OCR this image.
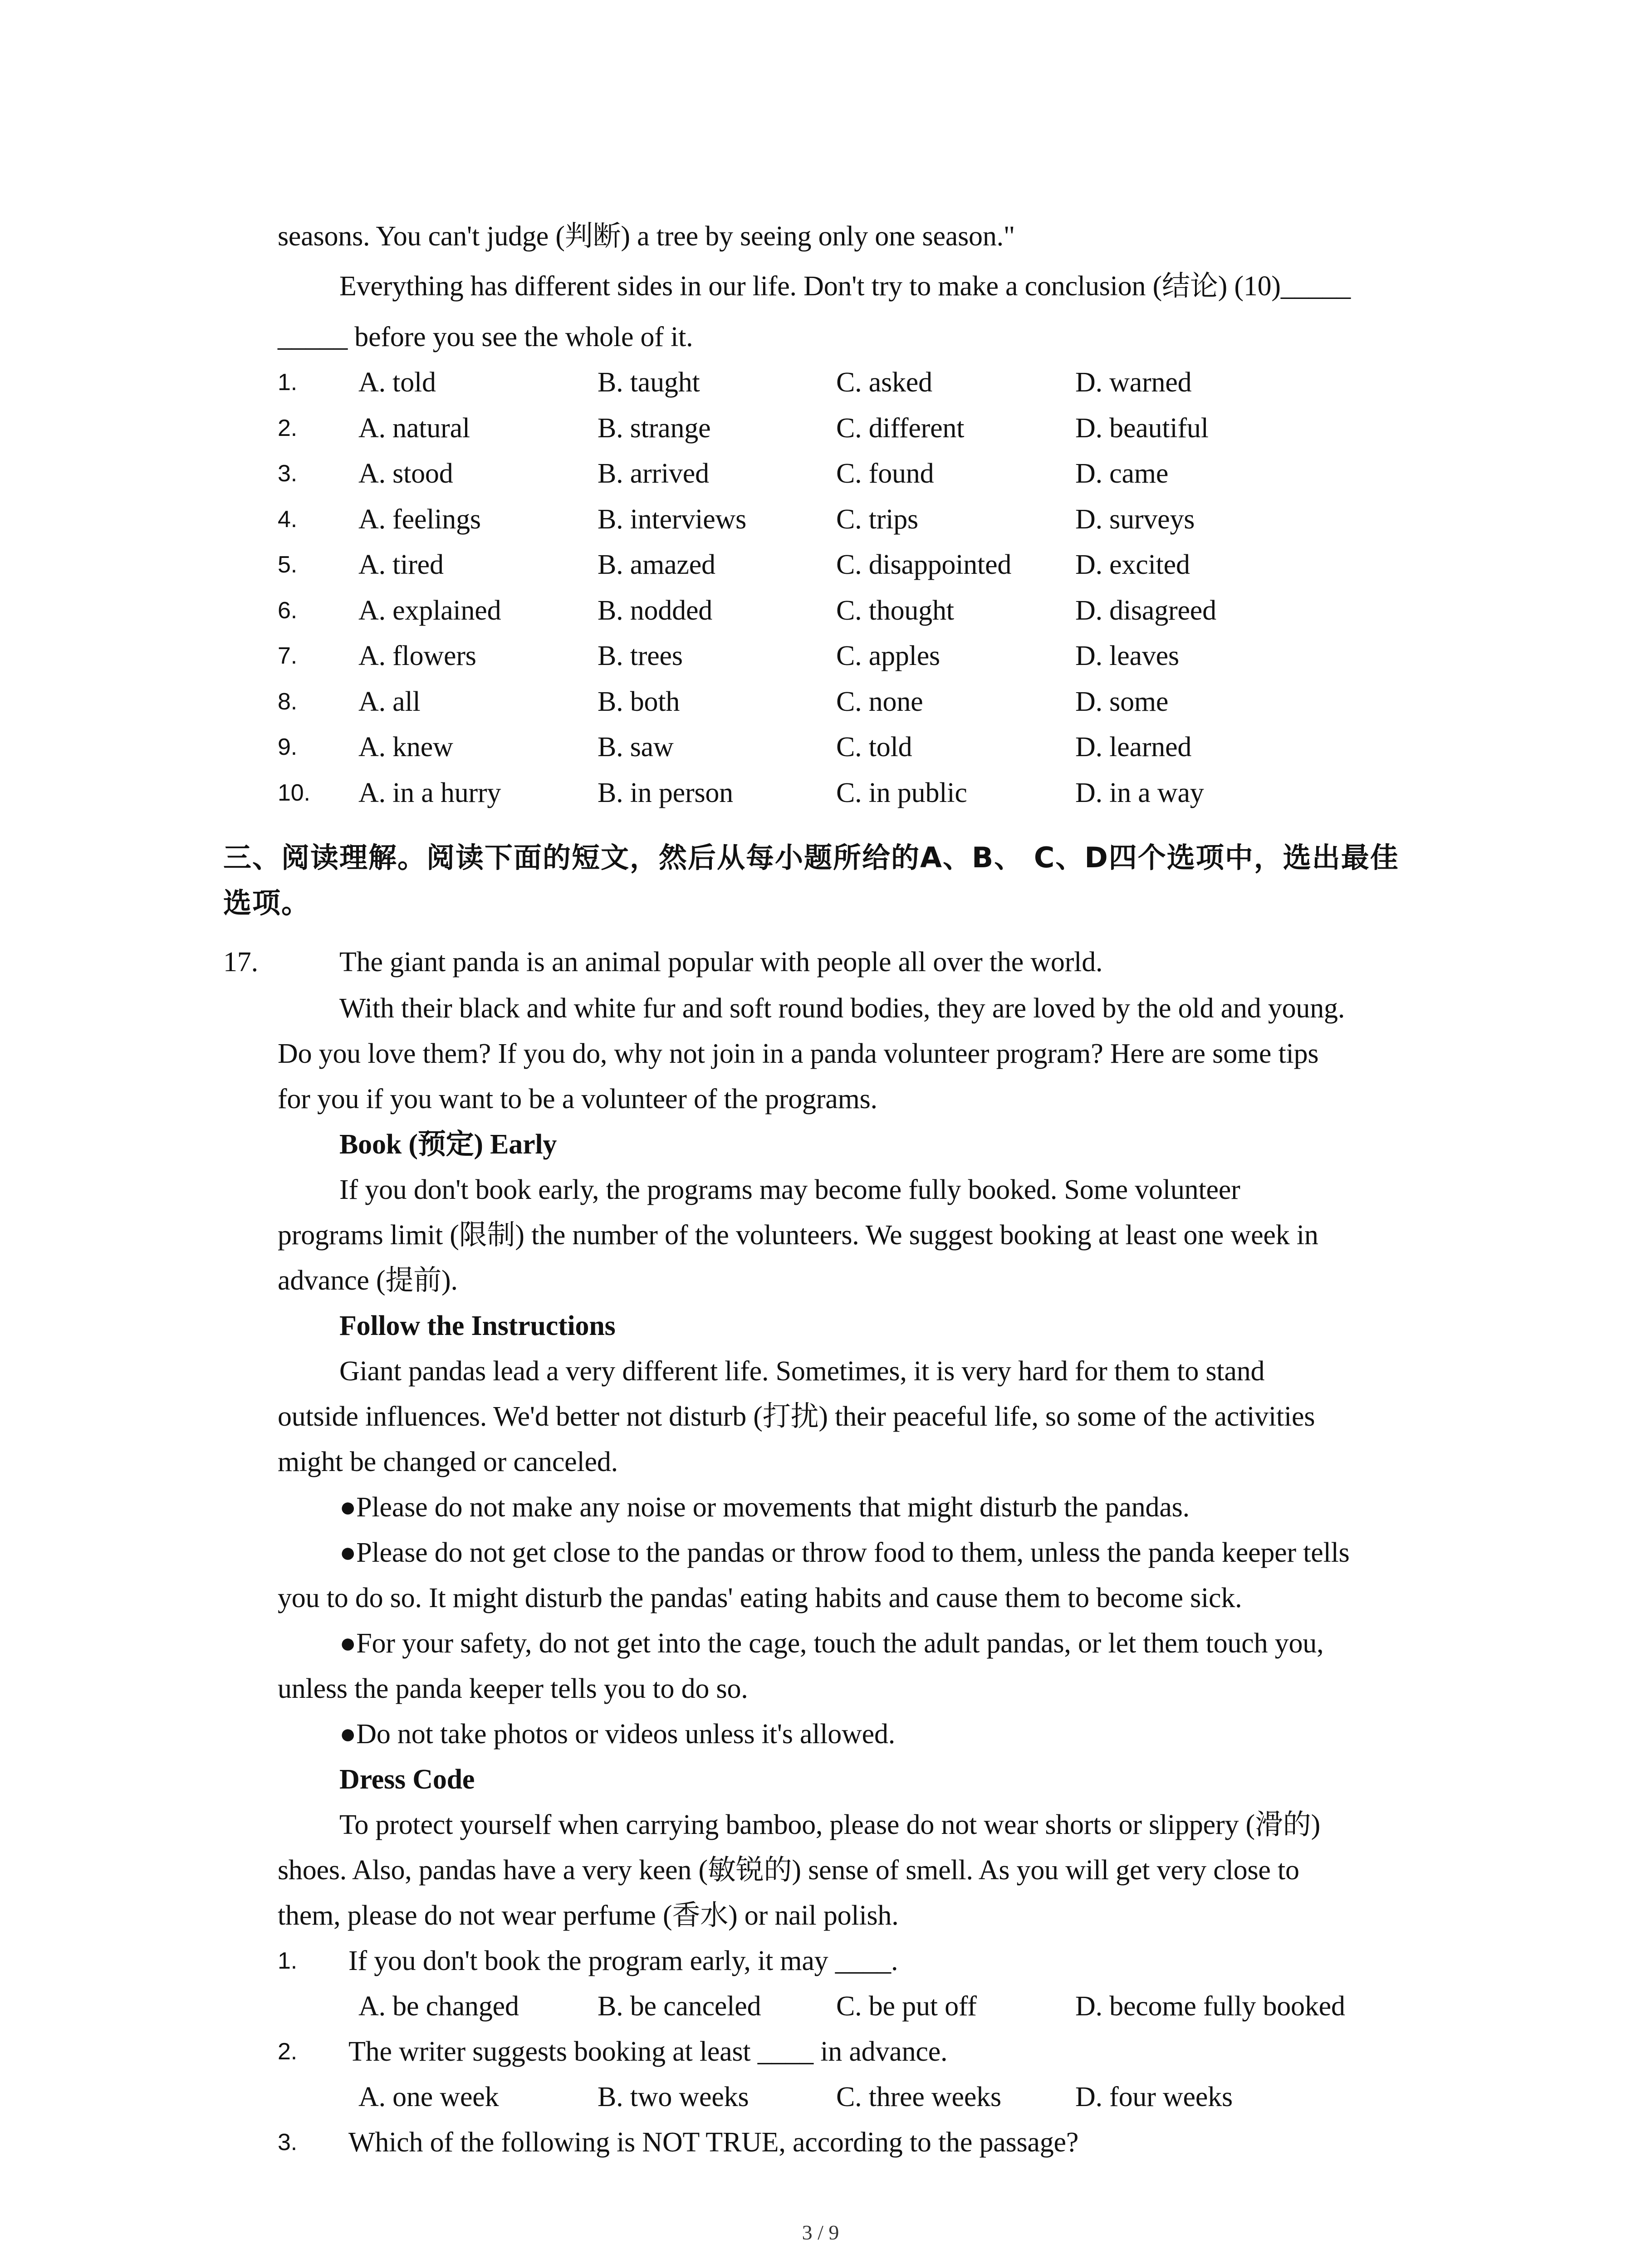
seasons. You can't judge (判断) a tree by seeing only one season."
Everything has different sides in our life. Don't try to make a conclusion (结论) (10)_____
_____ before you see the whole of it.
1. A. told	B. taught	C. asked	D. warned
2. A. natural	B. strange	C. different	D. beautiful
3. A. stood	B. arrived	C. found	D. came
4. A. feelings	B. interviews	C. trips	D. surveys
5. A. tired	B. amazed	C. disappointed D. excited
6. A. explained	B. nodded	C. thought	D. disagreed
7. A. flowers	B. trees	C. apples	D. leaves
8. A. all	B. both	C. none	D. some
9. A. knew	B. saw	C. told	D. learned
10. A. in a hurry	B. in person	C. in public	D. in a way
三、阅读理解。阅读下面的短文，然后从每小题所给的A、B、 C、D四个选项中，选出最佳
选项。
17.	The giant panda is an animal popular with people all over the world.
With their black and white fur and soft round bodies, they are loved by the old and young.
Do you love them? If you do, why not join in a panda volunteer program? Here are some tips
for you if you want to be a volunteer of the programs.
Book (预定) Early
If you don't book early, the programs may become fully booked. Some volunteer
programs limit (限制) the number of the volunteers. We suggest booking at least one week in
advance (提前).
Follow the Instructions
Giant pandas lead a very different life. Sometimes, it is very hard for them to stand
outside influences. We'd better not disturb (打扰) their peaceful life, so some of the activities
might be changed or canceled.
●Please do not make any noise or movements that might disturb the pandas.
●Please do not get close to the pandas or throw food to them, unless the panda keeper tells
you to do so. It might disturb the pandas' eating habits and cause them to become sick.
●For your safety, do not get into the cage, touch the adult pandas, or let them touch you,
unless the panda keeper tells you to do so.
●Do not take photos or videos unless it's allowed.
Dress Code
To protect yourself when carrying bamboo, please do not wear shorts or slippery (滑的)
shoes. Also, pandas have a very keen (敏锐的) sense of smell. As you will get very close to
them, please do not wear perfume (香水) or nail polish.
1. If you don't book the program early, it may ____.
A. be changed	B. be canceled	C. be put off	D. become fully booked
2. The writer suggests booking at least ____ in advance.
A. one week	B. two weeks	C. three weeks	D. four weeks
3. Which of the following is NOT TRUE, according to the passage?
3 / 9
